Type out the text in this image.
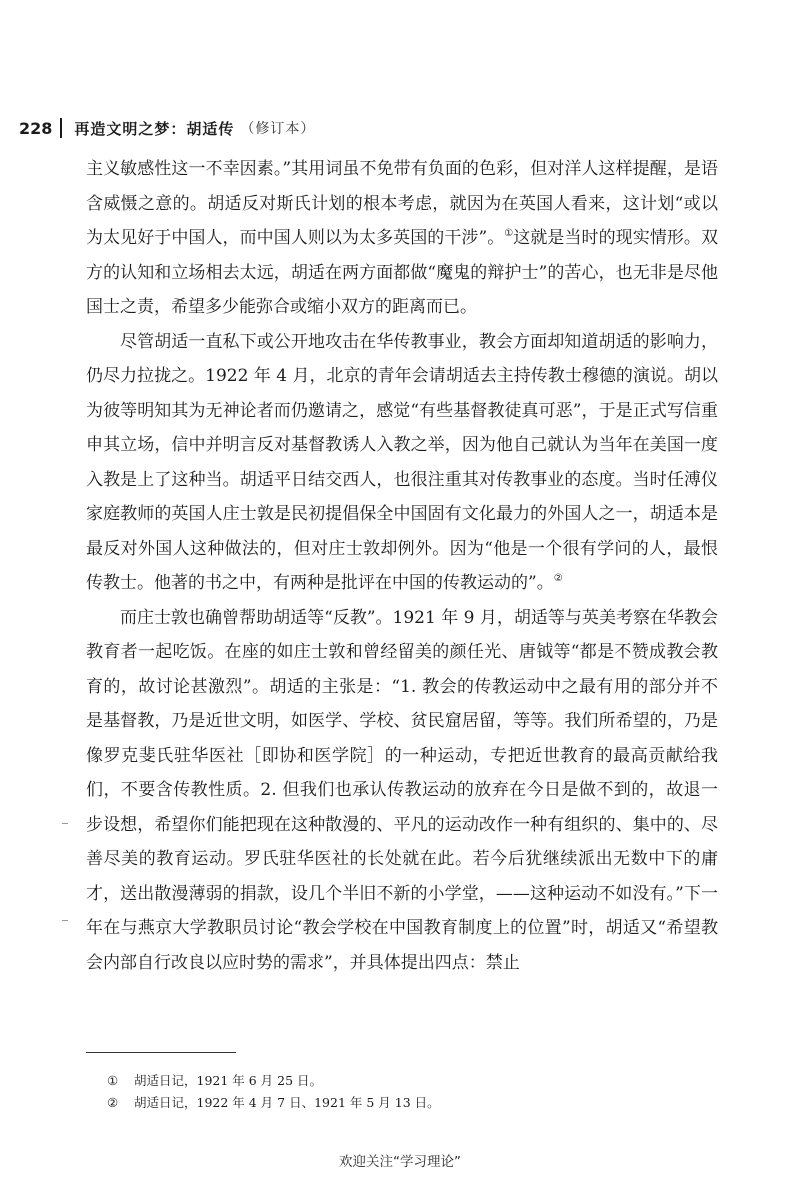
228 再造文明之梦：胡适传 （修订本）

主义敏感性这一不幸因素。”其用词虽不免带有负面的色彩，但对洋人这样提醒，是语含威慑之意的。胡适反对斯氏计划的根本考虑，就因为在英国人看来，这计划“或以为太见好于中国人，而中国人则以为太多英国的干涉”。①这就是当时的现实情形。双方的认知和立场相去太远，胡适在两方面都做“魔鬼的辩护士”的苦心，也无非是尽他国士之责，希望多少能弥合或缩小双方的距离而已。

尽管胡适一直私下或公开地攻击在华传教事业，教会方面却知道胡适的影响力，仍尽力拉拢之。1922 年 4 月，北京的青年会请胡适去主持传教士穆德的演说。胡以为彼等明知其为无神论者而仍邀请之，感觉“有些基督教徒真可恶”，于是正式写信重申其立场，信中并明言反对基督教诱人入教之举，因为他自己就认为当年在美国一度入教是上了这种当。胡适平日结交西人，也很注重其对传教事业的态度。当时任溥仪家庭教师的英国人庄士敦是民初提倡保全中国固有文化最力的外国人之一，胡适本是最反对外国人这种做法的，但对庄士敦却例外。因为“他是一个很有学问的人，最恨传教士。他著的书之中，有两种是批评在中国的传教运动的”。②

而庄士敦也确曾帮助胡适等“反教”。1921 年 9 月，胡适等与英美考察在华教会教育者一起吃饭。在座的如庄士敦和曾经留美的颜任光、唐钺等“都是不赞成教会教育的，故讨论甚激烈”。胡适的主张是：“1. 教会的传教运动中之最有用的部分并不是基督教，乃是近世文明，如医学、学校、贫民窟居留，等等。我们所希望的，乃是像罗克斐氏驻华医社［即协和医学院］的一种运动，专把近世教育的最高贡献给我们，不要含传教性质。2. 但我们也承认传教运动的放弃在今日是做不到的，故退一步设想，希望你们能把现在这种散漫的、平凡的运动改作一种有组织的、集中的、尽善尽美的教育运动。罗氏驻华医社的长处就在此。若今后犹继续派出无数中下的庸才，送出散漫薄弱的捐款，设几个半旧不新的小学堂，——这种运动不如没有。”下一年在与燕京大学教职员讨论“教会学校在中国教育制度上的位置”时，胡适又“希望教会内部自行改良以应时势的需求”，并具体提出四点：禁止

①	胡适日记，1921 年 6 月 25 日。
②	胡适日记，1922 年 4 月 7 日、1921 年 5 月 13 日。
欢迎关注“学习理论”
